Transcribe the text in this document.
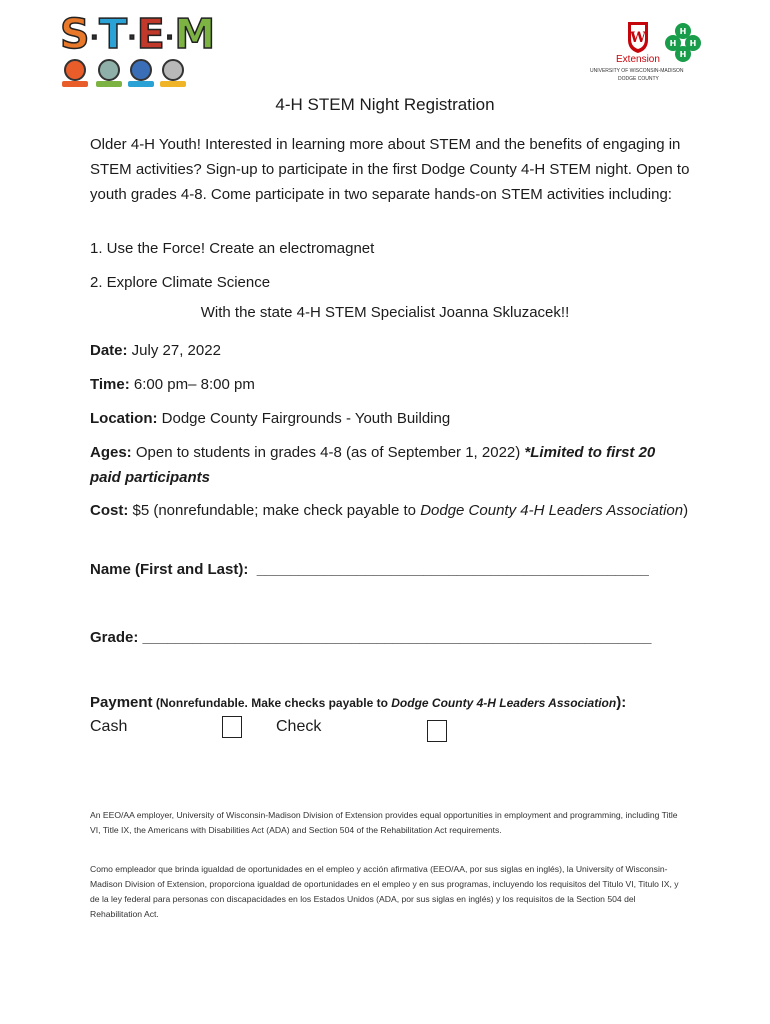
S·T·E·M	W
Extension
UNIVERSITY OF WISCONSIN-MADISON
DODGE COUNTY
H
H H
H
4-H STEM Night Registration
Older 4-H Youth! Interested in learning more about STEM and the benefits of engaging in STEM activities? Sign-up to participate in the first Dodge County 4-H STEM night. Open to youth grades 4-8. Come participate in two separate hands-on STEM activities including:
1. Use the Force! Create an electromagnet
2. Explore Climate Science
With the state 4-H STEM Specialist Joanna Skluzacek!!
Date: July 27, 2022
Time: 6:00 pm– 8:00 pm
Location: Dodge County Fairgrounds - Youth Building
Ages: Open to students in grades 4-8 (as of September 1, 2022) *Limited to first 20 paid participants
Cost: $5 (nonrefundable; make check payable to Dodge County 4-H Leaders Association)
Name (First and Last): _______________________________________________
Grade: _____________________________________________________________
Payment (Nonrefundable. Make checks payable to Dodge County 4-H Leaders Association):
Cash	Check
An EEO/AA employer, University of Wisconsin-Madison Division of Extension provides equal opportunities in employment and programming, including Title VI, Title IX, the Americans with Disabilities Act (ADA) and Section 504 of the Rehabilitation Act requirements.
Como empleador que brinda igualdad de oportunidades en el empleo y acción afirmativa (EEO/AA, por sus siglas en inglés), la University of Wisconsin-Madison Division of Extension, proporciona igualdad de oportunidades en el empleo y en sus programas, incluyendo los requisitos del Titulo VI, Titulo IX, y de la ley federal para personas con discapacidades en los Estados Unidos (ADA, por sus siglas en inglés) y los requisitos de la Section 504 del Rehabilitation Act.
